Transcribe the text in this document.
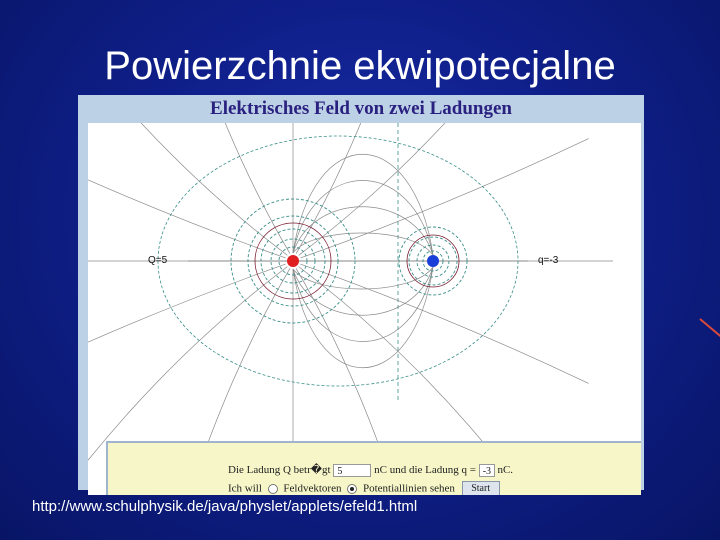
Powierzchnie ekwipotecjalne
Elektrisches Feld von zwei Ladungen
Q=5	q=-3
Die Ladung Q betr�gt 5	nC und die Ladung q = -3 nC.
Ich will Feldvektoren Potentiallinien sehen Start
http://www.schulphysik.de/java/physlet/applets/efeld1.html
